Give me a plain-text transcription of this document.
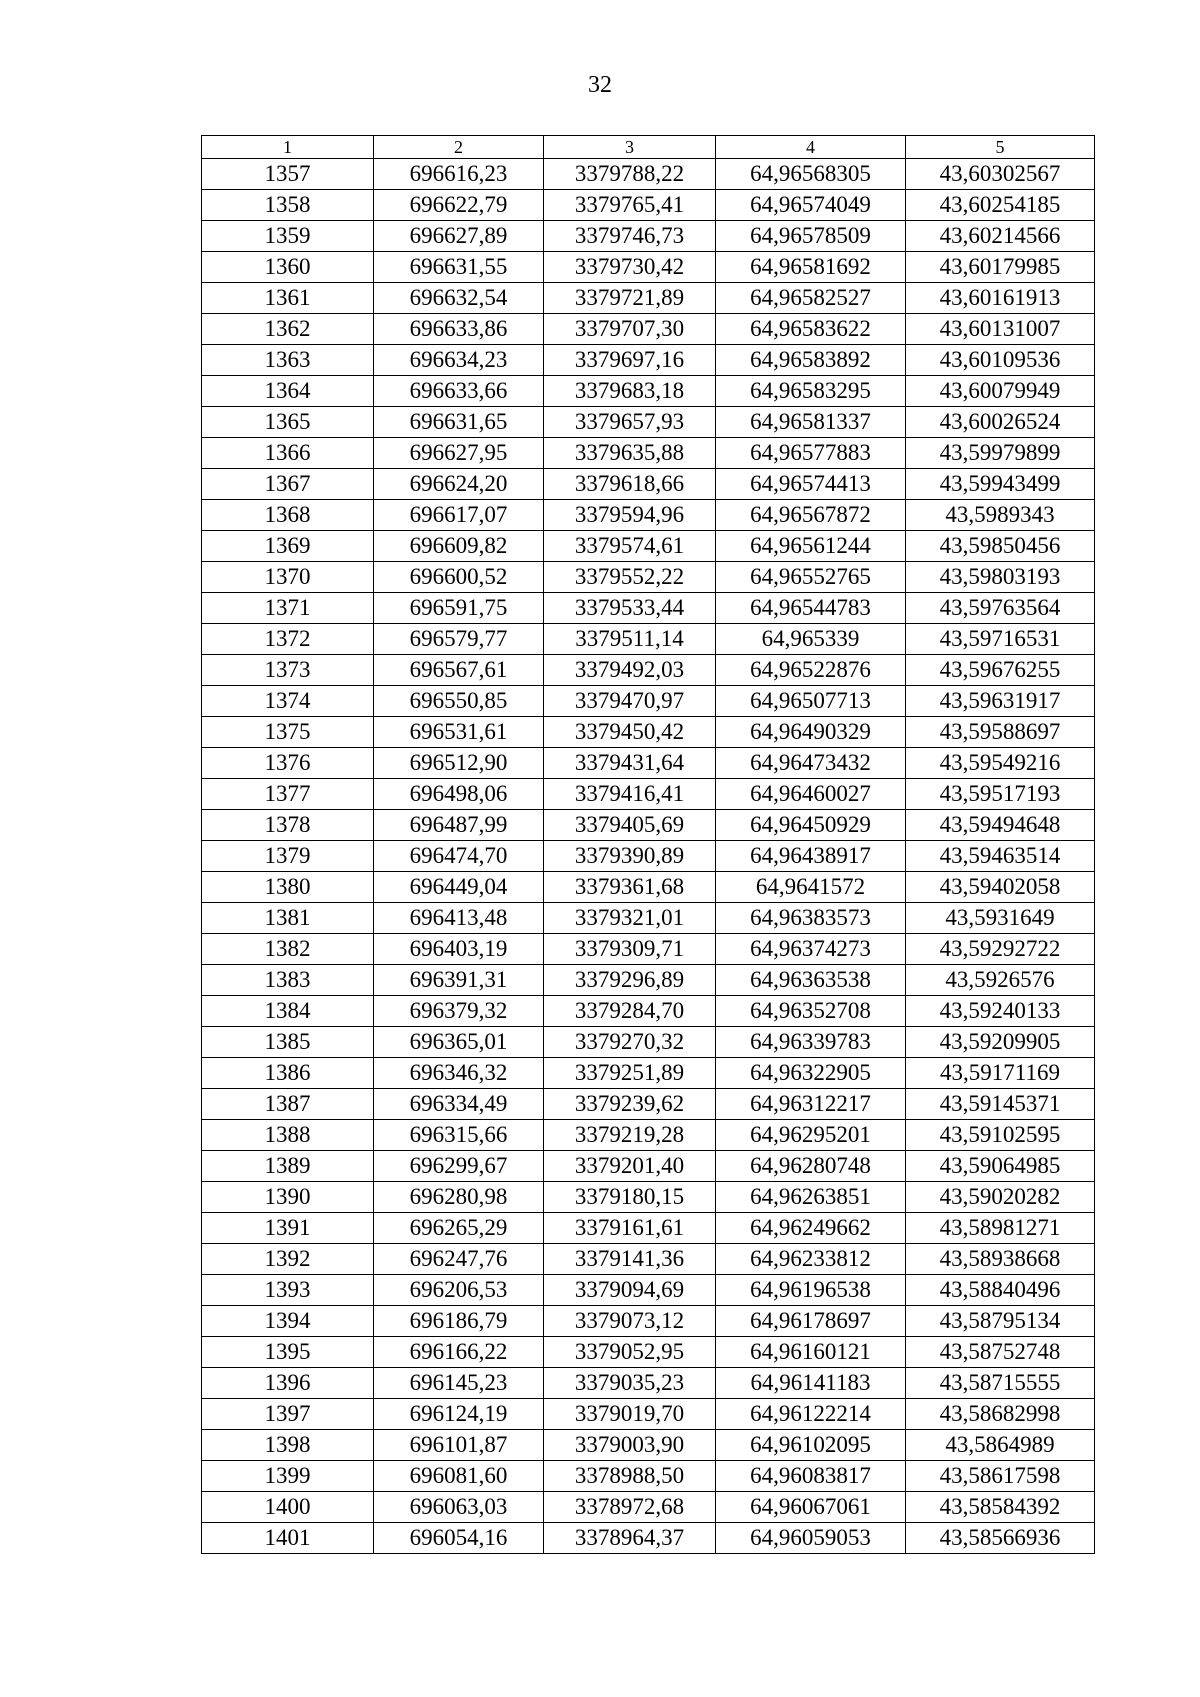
32
1	2	3	4	5
1357	696616,23	3379788,22	64,96568305	43,60302567
1358	696622,79	3379765,41	64,96574049	43,60254185
1359	696627,89	3379746,73	64,96578509	43,60214566
1360	696631,55	3379730,42	64,96581692	43,60179985
1361	696632,54	3379721,89	64,96582527	43,60161913
1362	696633,86	3379707,30	64,96583622	43,60131007
1363	696634,23	3379697,16	64,96583892	43,60109536
1364	696633,66	3379683,18	64,96583295	43,60079949
1365	696631,65	3379657,93	64,96581337	43,60026524
1366	696627,95	3379635,88	64,96577883	43,59979899
1367	696624,20	3379618,66	64,96574413	43,59943499
1368	696617,07	3379594,96	64,96567872	43,5989343
1369	696609,82	3379574,61	64,96561244	43,59850456
1370	696600,52	3379552,22	64,96552765	43,59803193
1371	696591,75	3379533,44	64,96544783	43,59763564
1372	696579,77	3379511,14	64,965339	43,59716531
1373	696567,61	3379492,03	64,96522876	43,59676255
1374	696550,85	3379470,97	64,96507713	43,59631917
1375	696531,61	3379450,42	64,96490329	43,59588697
1376	696512,90	3379431,64	64,96473432	43,59549216
1377	696498,06	3379416,41	64,96460027	43,59517193
1378	696487,99	3379405,69	64,96450929	43,59494648
1379	696474,70	3379390,89	64,96438917	43,59463514
1380	696449,04	3379361,68	64,9641572	43,59402058
1381	696413,48	3379321,01	64,96383573	43,5931649
1382	696403,19	3379309,71	64,96374273	43,59292722
1383	696391,31	3379296,89	64,96363538	43,5926576
1384	696379,32	3379284,70	64,96352708	43,59240133
1385	696365,01	3379270,32	64,96339783	43,59209905
1386	696346,32	3379251,89	64,96322905	43,59171169
1387	696334,49	3379239,62	64,96312217	43,59145371
1388	696315,66	3379219,28	64,96295201	43,59102595
1389	696299,67	3379201,40	64,96280748	43,59064985
1390	696280,98	3379180,15	64,96263851	43,59020282
1391	696265,29	3379161,61	64,96249662	43,58981271
1392	696247,76	3379141,36	64,96233812	43,58938668
1393	696206,53	3379094,69	64,96196538	43,58840496
1394	696186,79	3379073,12	64,96178697	43,58795134
1395	696166,22	3379052,95	64,96160121	43,58752748
1396	696145,23	3379035,23	64,96141183	43,58715555
1397	696124,19	3379019,70	64,96122214	43,58682998
1398	696101,87	3379003,90	64,96102095	43,5864989
1399	696081,60	3378988,50	64,96083817	43,58617598
1400	696063,03	3378972,68	64,96067061	43,58584392
1401	696054,16	3378964,37	64,96059053	43,58566936
